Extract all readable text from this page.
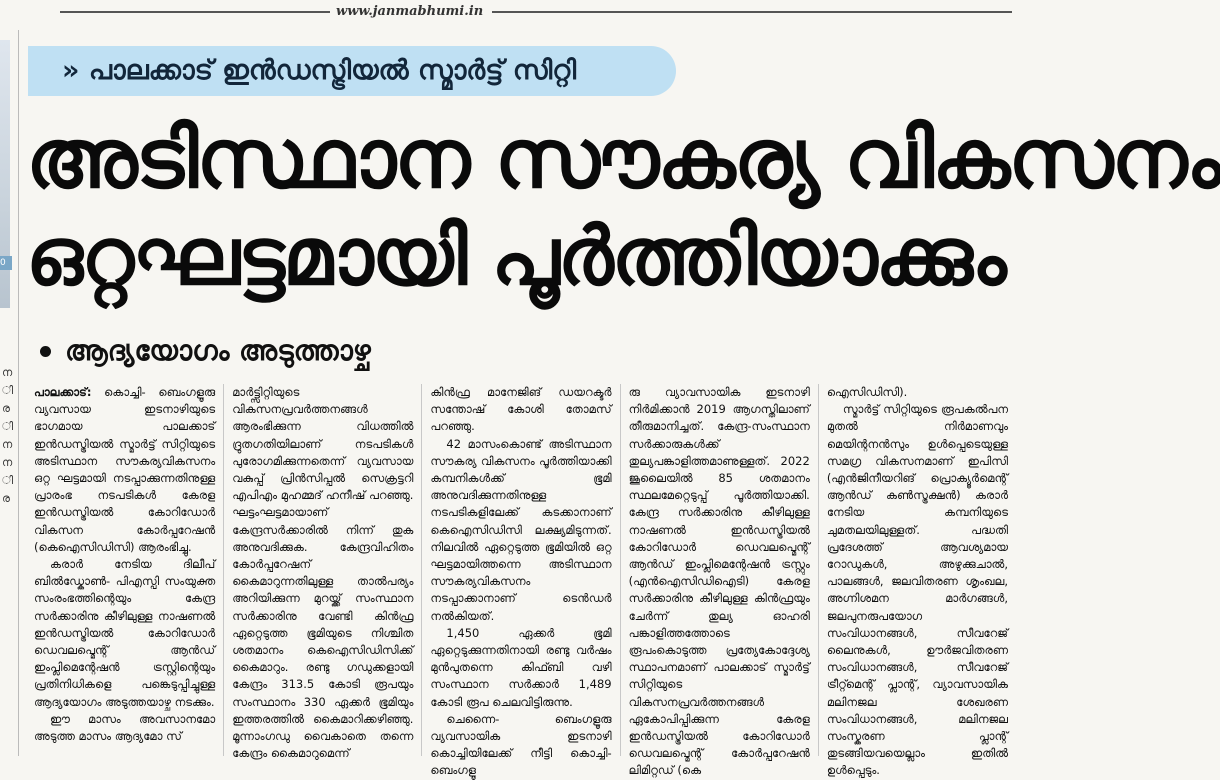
www.janmabhumi.in
0
ന
ി
ര
ി
ന
ന
ി
ര
» പാലക്കാട് ഇൻഡസ്ട്രിയൽ സ്മാർട്ട് സിറ്റി
അടിസ്ഥാന സൗകര്യ വികസനം
ഒറ്റഘട്ടമായി പൂർത്തിയാക്കും
ആദ്യയോഗം അടുത്താഴ്ച

പാലക്കാട്: കൊച്ചി- ബെംഗളൂരു വ്യവസായ ഇടനാഴിയുടെ ഭാഗമായ പാലക്കാട് ഇൻഡസ്ട്രിയൽ സ്മാർട്ട് സിറ്റിയുടെ അടിസ്ഥാന സൗകര്യവികസനം ഒറ്റ ഘട്ടമായി നടപ്പാക്കുന്നതിനുള്ള പ്രാരംഭ നടപടികൾ കേരള ഇൻഡസ്ട്രിയൽ കോറിഡോർ വികസന കോർപ്പറേഷൻ (കെഐസിഡിസി) ആരംഭിച്ചു.

കരാർ നേടിയ ദിലീപ് ബിൽഡ്കോൺ- പിഎസ്പി സംയുക്ത സംരംഭത്തിന്റെയും കേന്ദ്ര സർക്കാരിനു കീഴിലുള്ള നാഷണൽ ഇൻഡസ്ട്രിയൽ കോറിഡോർ ഡെവലപ്മെന്റ് ആൻഡ് ഇംപ്ലിമെന്റേഷൻ ട്രസ്റ്റിന്റെയും പ്രതിനിധികളെ പങ്കെടുപ്പിച്ചുള്ള ആദ്യയോഗം അടുത്തയാഴ്ച നടക്കും.

ഈ മാസം അവസാനമോ അടുത്ത മാസം ആദ്യമോ സ്

മാർട്ട്സിറ്റിയുടെ വികസനപ്രവർത്തനങ്ങൾ ആരംഭിക്കുന്ന വിധത്തിൽ ദ്രുതഗതിയിലാണ് നടപടികൾ പുരോഗമിക്കുന്നതെന്ന് വ്യവസായ വകുപ്പ് പ്രിൻസിപ്പൽ സെക്രട്ടറി എപിഎം മുഹമ്മദ് ഹനീഷ് പറഞ്ഞു. ഘട്ടംഘട്ടമായാണ് കേന്ദ്രസർക്കാരിൽ നിന്ന് തുക അനുവദിക്കുക. കേന്ദ്രവിഹിതം കോർപ്പറേഷന് കൈമാറുന്നതിലുള്ള താൽപര്യം അറിയിക്കുന്ന മുറയ്ക്ക് സംസ്ഥാന സർക്കാരിനു വേണ്ടി കിൻഫ്ര ഏറ്റെടുത്ത ഭൂമിയുടെ നിശ്ചിത ശതമാനം കെഐസിഡിസിക്ക് കൈമാറും. രണ്ടു ഗഡുക്കളായി കേന്ദ്രം 313.5 കോടി രൂപയും സംസ്ഥാനം 330 ഏക്കർ ഭൂമിയും ഇത്തരത്തിൽ കൈമാറിക്കഴിഞ്ഞു. മൂന്നാംഗഡു വൈകാതെ തന്നെ കേന്ദ്രം കൈമാറുമെന്ന്

കിൻഫ്ര മാനേജിങ് ഡയറക്ടർ സന്തോഷ് കോശി തോമസ് പറഞ്ഞു.

42 മാസംകൊണ്ട് അടിസ്ഥാന സൗകര്യ വികസനം പൂർത്തിയാക്കി കമ്പനികൾക്ക് ഭൂമി അനുവദിക്കുന്നതിനുള്ള നടപടികളിലേക്ക് കടക്കാനാണ് കെഐസിഡിസി ലക്ഷ്യമിടുന്നത്. നിലവിൽ ഏറ്റെടുത്ത ഭൂമിയിൽ ഒറ്റ ഘട്ടമായിത്തന്നെ അടിസ്ഥാന സൗകര്യവികസനം നടപ്പാക്കാനാണ് ടെൻഡർ നൽകിയത്.

1,450 ഏക്കർ ഭൂമി ഏറ്റെടുക്കുന്നതിനായി രണ്ടു വർഷം മുൻപുതന്നെ കിഫ്ബി വഴി സംസ്ഥാന സർക്കാർ 1,489 കോടി രൂപ ചെലവിട്ടിരുന്നു.

ചെന്നൈ- ബെംഗളൂരു വ്യവസായിക ഇടനാഴി കൊച്ചിയിലേക്ക് നീട്ടി കൊച്ചി- ബെംഗളൂ

രു വ്യാവസായിക ഇടനാഴി നിർമിക്കാൻ 2019 ആഗസ്തിലാണ് തീരുമാനിച്ചത്. കേന്ദ്ര-സംസ്ഥാന സർക്കാരുകൾക്ക് തുല്യപങ്കാളിത്തമാണുള്ളത്. 2022 ജൂലൈയിൽ 85 ശതമാനം സ്ഥലമേറ്റെടുപ്പ് പൂർത്തിയാക്കി. കേന്ദ്ര സർക്കാരിനു കീഴിലുള്ള നാഷണൽ ഇൻഡസ്ട്രിയൽ കോറിഡോർ ഡെവലപ്മെന്റ് ആൻഡ് ഇംപ്ലിമെന്റേഷൻ ട്രസ്റ്റും (എൻഐസിഡിഐടി) കേരള സർക്കാരിനു കീഴിലുള്ള കിൻഫ്രയും ചേർന്ന് തുല്യ ഓഹരി പങ്കാളിത്തത്തോടെ രൂപംകൊടുത്ത പ്രത്യേകോദ്ദേശ്യ സ്ഥാപനമാണ് പാലക്കാട് സ്മാർട്ട് സിറ്റിയുടെ വികസനപ്രവർത്തനങ്ങൾ ഏകോപിപ്പിക്കുന്ന കേരള ഇൻഡസ്ട്രിയൽ കോറിഡോർ ഡെവലപ്മെന്റ് കോർപ്പറേഷൻ ലിമിറ്റഡ് (കെ

ഐസിഡിസി).

സ്മാർട്ട് സിറ്റിയുടെ രൂപകൽപന മുതൽ നിർമാണവും മെയിന്റനൻസും ഉൾപ്പെടെയുള്ള സമഗ്ര വികസനമാണ് ഇപിസി (എൻജിനീയറിങ് പ്രൊക്യൂർമെന്റ് ആൻഡ് കൺസ്ട്രക്ഷൻ) കരാർ നേടിയ കമ്പനിയുടെ ചുമതലയിലുള്ളത്. പദ്ധതി പ്രദേശത്ത് ആവശ്യമായ റോഡുകൾ, അഴുക്കുചാൽ, പാലങ്ങൾ, ജലവിതരണ ശൃംഖല, അഗ്നിശമന മാർഗങ്ങൾ, ജലപുനരുപയോഗ സംവിധാനങ്ങൾ, സീവറേജ് ലൈനുകൾ, ഊർജവിതരണ സംവിധാനങ്ങൾ, സീവറേജ് ട്രീറ്റ്മെന്റ് പ്ലാന്റ്, വ്യാവസായിക മലിനജല ശേഖരണ സംവിധാനങ്ങൾ, മലിനജല സംസ്കരണ പ്ലാന്റ് തുടങ്ങിയവയെല്ലാം ഇതിൽ ഉൾപ്പെടും.
